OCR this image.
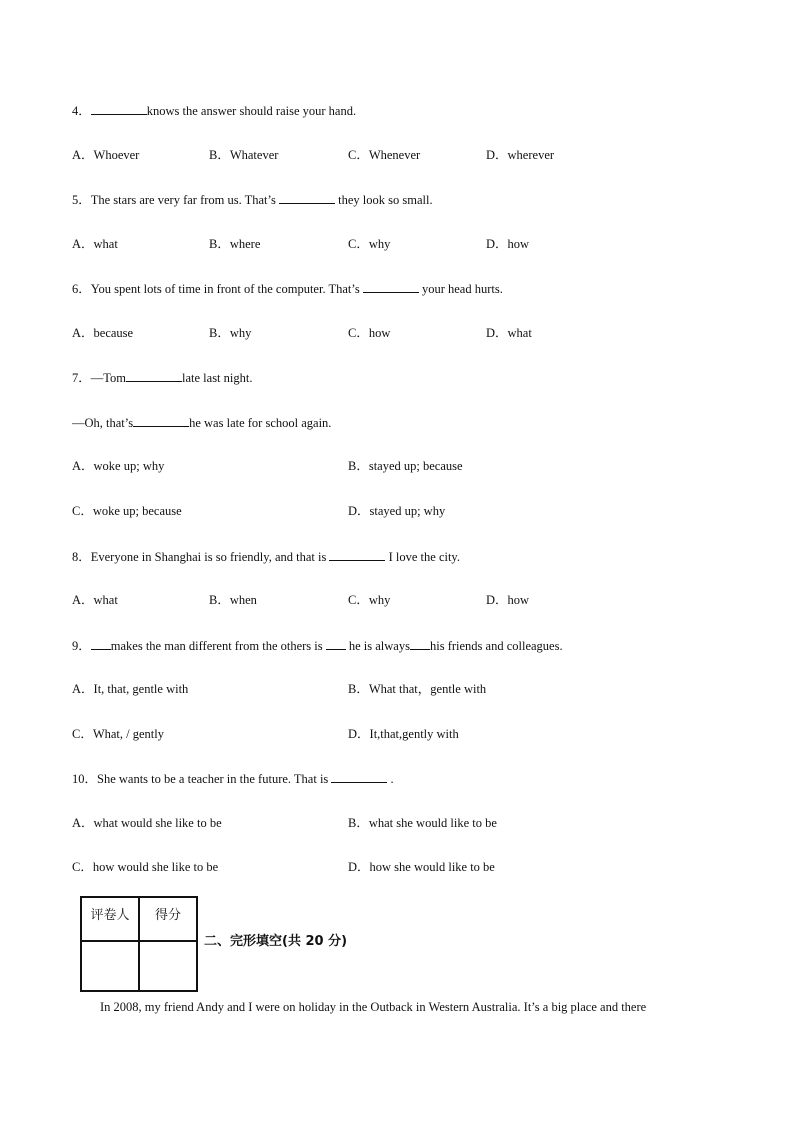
4．	knows the answer should raise your hand.
A．Whoever	B．Whatever	C．Whenever	D．wherever
5．The stars are very far from us. That’s	they look so small.
A．what	B．where	C．why	D．how
6．You spent lots of time in front of the computer. That’s	your head hurts.
A．because	B．why	C．how	D．what
7．—Tom	late last night.
—Oh, that’s	he was late for school again.
A．woke up; why	B．stayed up; because
C．woke up; because	D．stayed up; why
8．Everyone in Shanghai is so friendly, and that is	I love the city.
A．what	B．when	C．why	D．how
9． makes the man different from the others is  he is always his friends and colleagues.
A．It, that, gentle with	B．What that，gentle with
C．What, / gently	D．It,that,gently with
10．She wants to be a teacher in the future. That is	.
A．what would she like to be	B．what she would like to be
C．how would she like to be	D．how she would like to be
评卷人	得分

二、完形填空(共 20 分)
In 2008, my friend Andy and I were on holiday in the Outback in Western Australia. It’s a big place and there
